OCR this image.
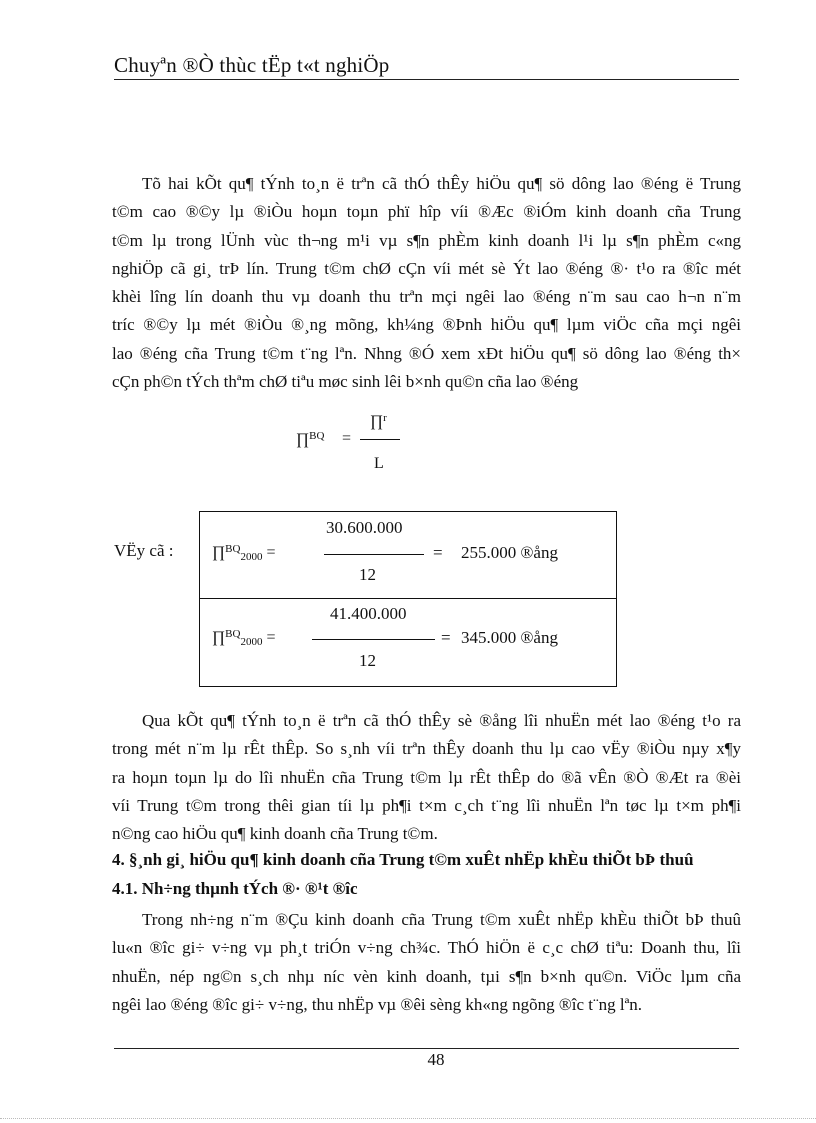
Chuyªn ®Ò thùc tËp t«t nghiÖp
Tõ hai kÕt qu¶ tÝnh to¸n ë trªn cã thÓ thÊy hiÖu qu¶ sö dông lao ®éng ë Trung
t©m cao ®©y lµ ®iÒu hoµn toµn phï hîp víi ®Æc ®iÓm kinh doanh cña Trung
t©m lµ trong lÜnh vùc th¬ng m¹i vµ s¶n phÈm kinh doanh l¹i lµ s¶n phÈm c«ng
nghiÖp cã gi¸ trÞ lín. Trung t©m chØ cÇn víi mét sè Ýt lao ®éng ®· t¹o ra ®îc mét
khèi lîng lín doanh thu vµ doanh thu trªn mçi ngêi lao ®éng n¨m sau cao h¬n n¨m
tríc ®©y lµ mét ®iÒu ®¸ng mõng, kh¼ng ®Þnh hiÖu qu¶ lµm viÖc cña mçi ngêi
lao ®éng cña Trung t©m t¨ng lªn. Nhng ®Ó xem xÐt hiÖu qu¶ sö dông lao ®éng th×
cÇn ph©n tÝch thªm chØ tiªu møc sinh lêi b×nh qu©n cña lao ®éng
∏$^{BQ}$ =
∏$^r$
L
VËy cã : ∏$^{BQ}_{2000}$ =
30.600.000
12
= 255.000 ®ång
∏$^{BQ}_{2000}$ =
41.400.000
12
= 345.000 ®ång
Qua kÕt qu¶ tÝnh to¸n ë trªn cã thÓ thÊy sè ®ång lîi nhuËn mét lao ®éng t¹o ra
trong mét n¨m lµ rÊt thÊp. So s¸nh víi trªn thÊy doanh thu lµ cao vËy ®iÒu nµy x¶y
ra hoµn toµn lµ do lîi nhuËn cña Trung t©m lµ rÊt thÊp do ®ã vÊn ®Ò ®Æt ra ®èi
víi Trung t©m trong thêi gian tíi lµ ph¶i t×m c¸ch t¨ng lîi nhuËn lªn tøc lµ t×m ph¶i
n©ng cao hiÖu qu¶ kinh doanh cña Trung t©m.
4. §¸nh gi¸ hiÖu qu¶ kinh doanh cña Trung t©m xuÊt nhËp khÈu thiÕt bÞ thuû
4.1. Nh÷ng thµnh tÝch ®· ®¹t ®îc
Trong nh÷ng n¨m ®Çu kinh doanh cña Trung t©m xuÊt nhËp khÈu thiÕt bÞ thuû
lu«n ®îc gi÷ v÷ng vµ ph¸t triÓn v÷ng ch¾c. ThÓ hiÖn ë c¸c chØ tiªu: Doanh thu, lîi
nhuËn, nép ng©n s¸ch nhµ níc vèn kinh doanh, tµi s¶n b×nh qu©n. ViÖc lµm cña
ngêi lao ®éng ®îc gi÷ v÷ng, thu nhËp vµ ®êi sèng kh«ng ngõng ®îc t¨ng lªn.
48
